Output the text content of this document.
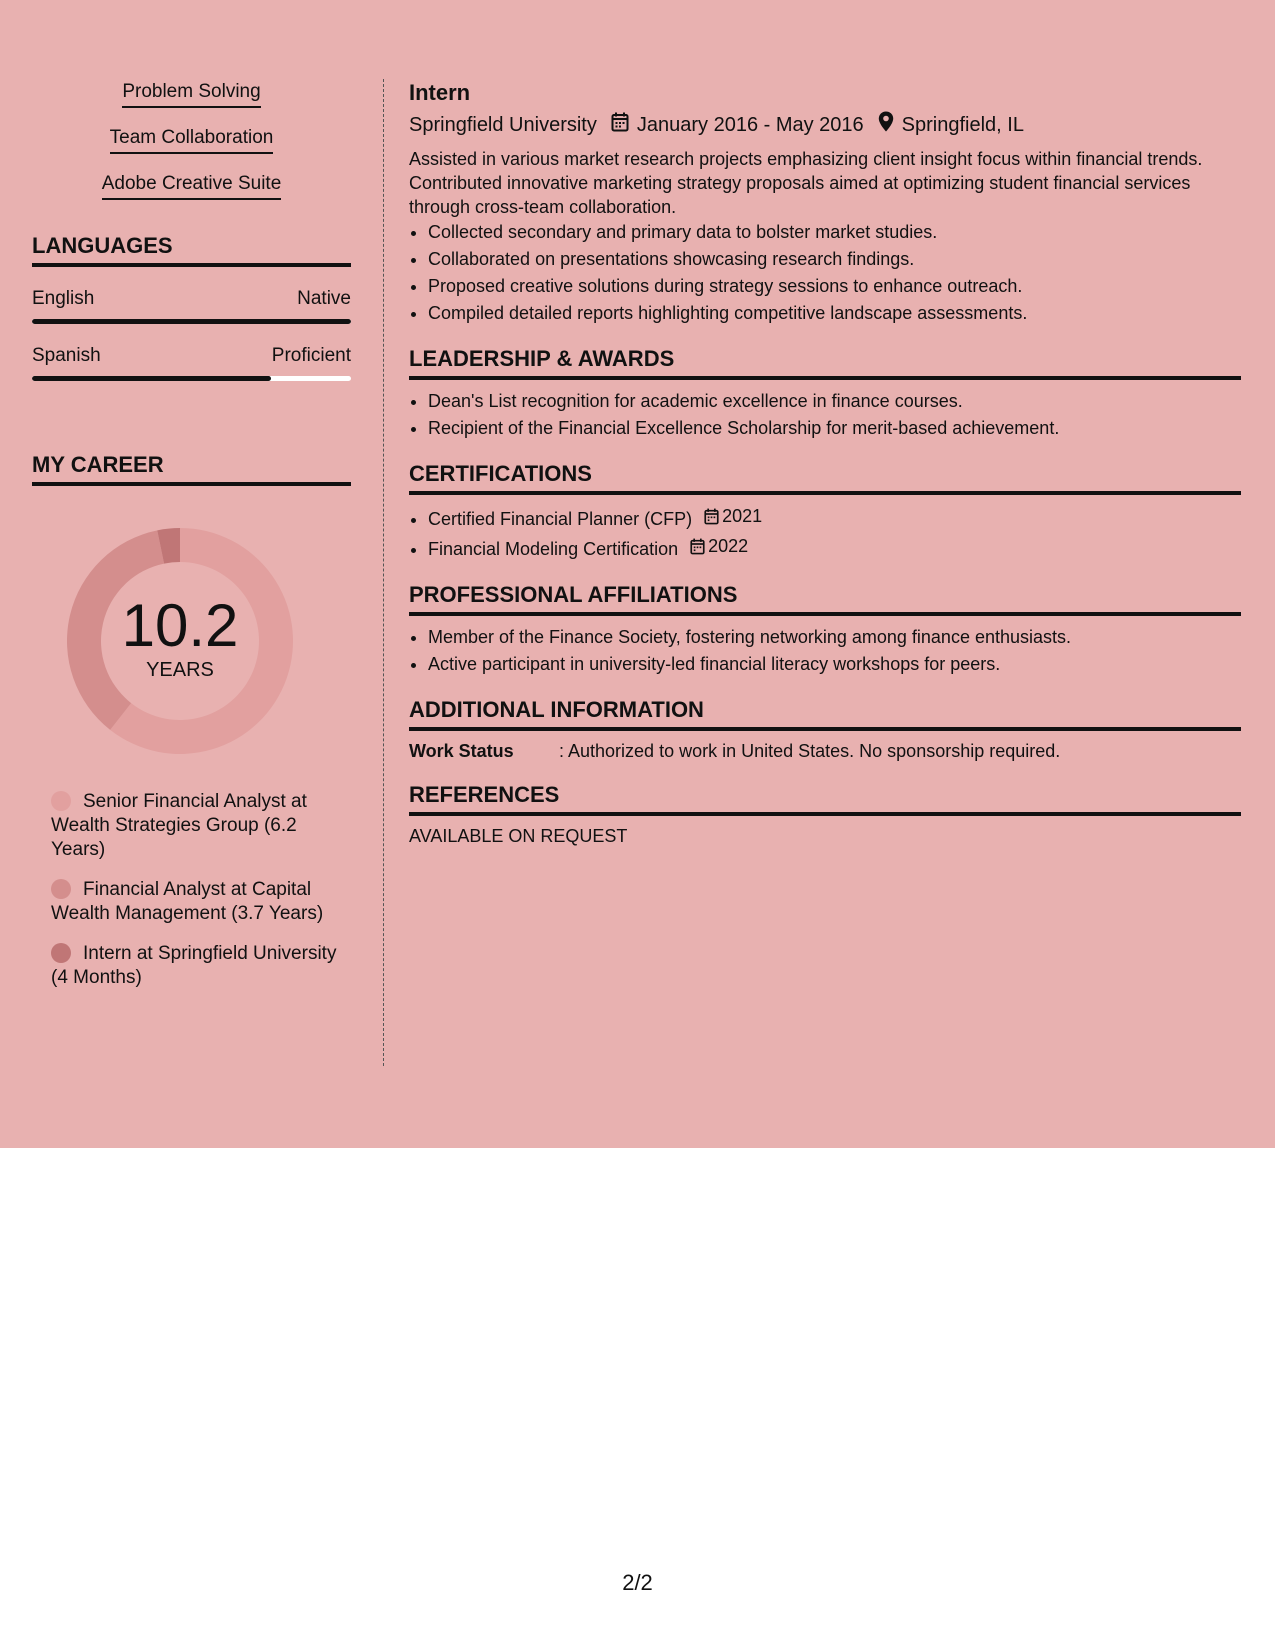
Problem Solving
Team Collaboration
Adobe Creative Suite
LANGUAGES
English	Native
Spanish	Proficient
MY CAREER
10.2
YEARS
Senior Financial Analyst at Wealth Strategies Group (6.2 Years)
Financial Analyst at Capital Wealth Management (3.7 Years)
Intern at Springfield University (4 Months)
Intern
Springfield University January 2016 - May 2016 Springfield, IL
Assisted in various market research projects emphasizing client insight focus within financial trends. Contributed innovative marketing strategy proposals aimed at optimizing student financial services through cross-team collaboration.
• Collected secondary and primary data to bolster market studies.
• Collaborated on presentations showcasing research findings.
• Proposed creative solutions during strategy sessions to enhance outreach.
• Compiled detailed reports highlighting competitive landscape assessments.
LEADERSHIP & AWARDS
• Dean's List recognition for academic excellence in finance courses.
• Recipient of the Financial Excellence Scholarship for merit-based achievement.
CERTIFICATIONS
• Certified Financial Planner (CFP) 2021
• Financial Modeling Certification 2022
PROFESSIONAL AFFILIATIONS
• Member of the Finance Society, fostering networking among finance enthusiasts.
• Active participant in university-led financial literacy workshops for peers.
ADDITIONAL INFORMATION
Work Status	: Authorized to work in United States. No sponsorship required.
REFERENCES
AVAILABLE ON REQUEST
2/2
